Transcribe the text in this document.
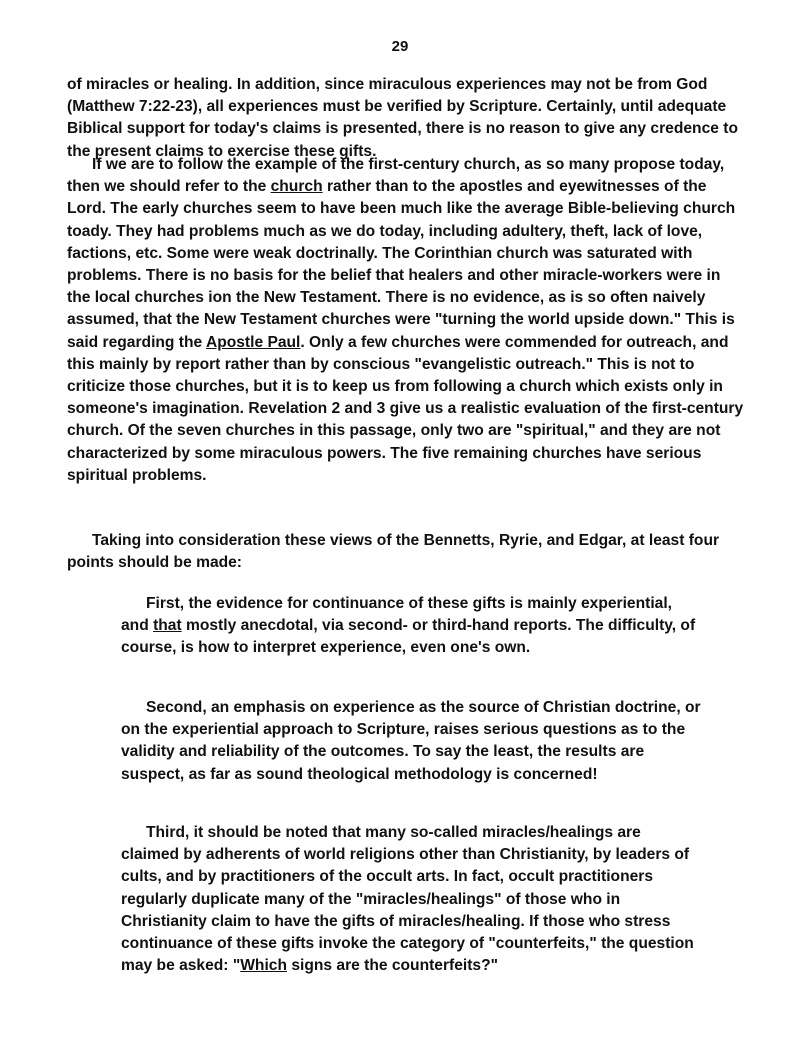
29

of miracles or healing. In addition, since miraculous experiences may not be from God (Matthew 7:22-23), all experiences must be verified by Scripture. Certainly, until adequate Biblical support for today's claims is presented, there is no reason to give any credence to the present claims to exercise these gifts.

If we are to follow the example of the first-century church, as so many propose today, then we should refer to the church rather than to the apostles and eyewitnesses of the Lord. The early churches seem to have been much like the average Bible-believing church toady. They had problems much as we do today, including adultery, theft, lack of love, factions, etc. Some were weak doctrinally. The Corinthian church was saturated with problems. There is no basis for the belief that healers and other miracle-workers were in the local churches ion the New Testament. There is no evidence, as is so often naively assumed, that the New Testament churches were "turning the world upside down." This is said regarding the Apostle Paul. Only a few churches were commended for outreach, and this mainly by report rather than by conscious "evangelistic outreach." This is not to criticize those churches, but it is to keep us from following a church which exists only in someone's imagination. Revelation 2 and 3 give us a realistic evaluation of the first-century church. Of the seven churches in this passage, only two are "spiritual," and they are not characterized by some miraculous powers. The five remaining churches have serious spiritual problems.

Taking into consideration these views of the Bennetts, Ryrie, and Edgar, at least four points should be made:

First, the evidence for continuance of these gifts is mainly experiential, and that mostly anecdotal, via second- or third-hand reports. The difficulty, of course, is how to interpret experience, even one's own.

Second, an emphasis on experience as the source of Christian doctrine, or on the experiential approach to Scripture, raises serious questions as to the validity and reliability of the outcomes. To say the least, the results are suspect, as far as sound theological methodology is concerned!

Third, it should be noted that many so-called miracles/healings are claimed by adherents of world religions other than Christianity, by leaders of cults, and by practitioners of the occult arts. In fact, occult practitioners regularly duplicate many of the "miracles/healings" of those who in Christianity claim to have the gifts of miracles/healing. If those who stress continuance of these gifts invoke the category of "counterfeits," the question may be asked: "Which signs are the counterfeits?"
